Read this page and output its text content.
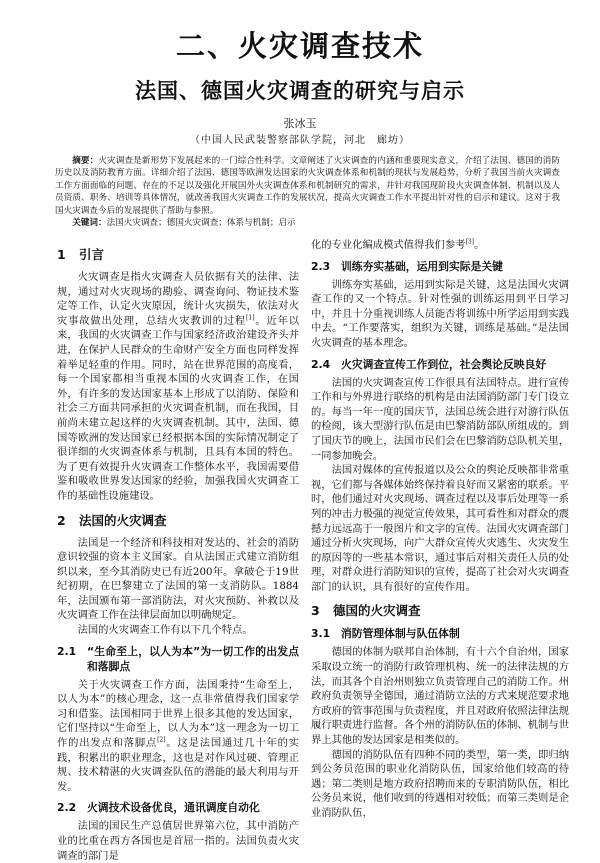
二、火灾调查技术
法国、德国火灾调查的研究与启示
张冰玉
（中国人民武装警察部队学院，河北　廊坊）

摘要：火灾调查是新形势下发展起来的一门综合性科学。文章阐述了火灾调查的内涵和重要现实意义，介绍了法国、德国的消防历史以及消防教育方面。详细介绍了法国、德国等欧洲发达国家的火灾调查体系和机制的现状与发展趋势，分析了我国当前火灾调查工作方面面临的问题、存在的不足以及强化开展国外火灾调查体系和机制研究的需求，并针对我国现阶段火灾调查体制、机制以及人员资质、职务、培训等具体情况，就改善我国火灾调查工作的发展状况，提高火灾调查工作水平提出针对性的启示和建议。这对于我国火灾调查今后的发展提供了帮助与参照。

关键词：法国火灾调查；德国火灾调查；体系与机制；启示

1 引言

火灾调查是指火灾调查人员依据有关的法律、法规，通过对火灾现场的勘验、调查询问、物证技术鉴定等工作，认定火灾原因，统计火灾损失，依法对火灾事故做出处理，总结火灾教训的过程[1]。近年以来，我国的火灾调查工作与国家经济政治建设齐头并进，在保护人民群众的生命财产安全方面也同样发挥着举足轻重的作用。同时，站在世界范围的高度看，每一个国家都相当重视本国的火灾调查工作，在国外，有许多的发达国家基本上形成了以消防、保险和社会三方面共同承担的火灾调查机制，而在我国，目前尚未建立起这样的火灾调查机制。其中，法国、德国等欧洲的发达国家已经根据本国的实际情况制定了很详细的火灾调查体系与机制，且具有本国的特色。为了更有效提升火灾调查工作整体水平，我国需要借鉴和吸收世界发达国家的经验，加强我国火灾调查工作的基础性设施建设。

2 法国的火灾调查

法国是一个经济和科技相对发达的、社会的消防意识较强的资本主义国家。自从法国正式建立消防组织以来，至今其消防史已有近200年。拿破仑于19世纪初期，在巴黎建立了法国的第一支消防队。1884年，法国颁布第一部消防法，对火灾预防、补救以及火灾调查工作在法律层面加以明确规定。

法国的火灾调查工作有以下几个特点。

2.1 “生命至上，以人为本”为一切工作的出发点和落脚点

关于火灾调查工作方面，法国秉持“生命至上，以人为本”的核心理念，这一点非常值得我们国家学习和借鉴。法国相同于世界上很多其他的发达国家，它们坚持以“生命至上，以人为本”这一理念为一切工作的出发点和落脚点[2]。这是法国通过几十年的实践，积累出的职业理念，这也是对作风过硬、管理正规、技术精湛的火灾调查队伍的潜能的最大利用与开发。

2.2 火调技术设备优良，通讯调度自动化

法国的国民生产总值居世界第六位，其中消防产业的比重在西方各国也是首屈一指的。法国负责火灾调查的部门是

化的专业化编成模式值得我们参考[3]。

2.3 训练夯实基础，运用到实际是关键

训练夯实基础，运用到实际是关键，这是法国火灾调查工作的又一个特点。针对性强的训练运用到平日学习中，并且十分重视训练人员能否将训练中所学运用到实践中去。“工作要落实，组织为关键，训练是基础。”是法国火灾调查的基本理念。

2.4 火灾调查宣传工作到位，社会舆论反映良好

法国的火灾调查宣传工作很具有法国特点。进行宣传工作和与外界进行联络的机构是由法国消防部门专门设立的。每当一年一度的国庆节，法国总统会进行对游行队伍的检阅，该大型游行队伍是由巴黎消防部队所组成的。到了国庆节的晚上，法国市民们会在巴黎消防总队机关里，一同参加晚会。

法国对媒体的宣传报道以及公众的舆论反映都非常重视，它们都与各媒体始终保持着良好而又紧密的联系。平时，他们通过对火灾现场、调查过程以及事后处理等一系列的冲击力极强的视觉宣传效果，其可看性和对群众的震撼力远远高于一般图片和文字的宣传。法国火灾调查部门通过分析火灾现场，向广大群众宣传火灾逃生、火灾发生的原因等的一些基本常识，通过事后对相关责任人员的处理，对群众进行消防知识的宣传，提高了社会对火灾调查部门的认识，具有很好的宣传作用。

3 德国的火灾调查
3.1 消防管理体制与队伍体制

德国的体制为联邦自治体制，有十六个自治州，国家采取设立统一的消防行政管理机构、统一的法律法规的方法，而其各个自治州则独立负责管理自己的消防工作。州政府负责领导全德国，通过消防立法的方式来规范要求地方政府的管事范围与负责程度，并且对政府依照法律法规履行职责进行监督。各个州的消防队伍的体制、机制与世界上其他的发达国家是相类似的。

德国的消防队伍有四种不同的类型，第一类，即归纳到公务员范围的职业化消防队伍，国家给他们较高的待遇；第二类则是地方政府招聘而来的专职消防队伍，相比公务员来说，他们收到的待遇相对较低；而第三类则是企业消防队伍，
